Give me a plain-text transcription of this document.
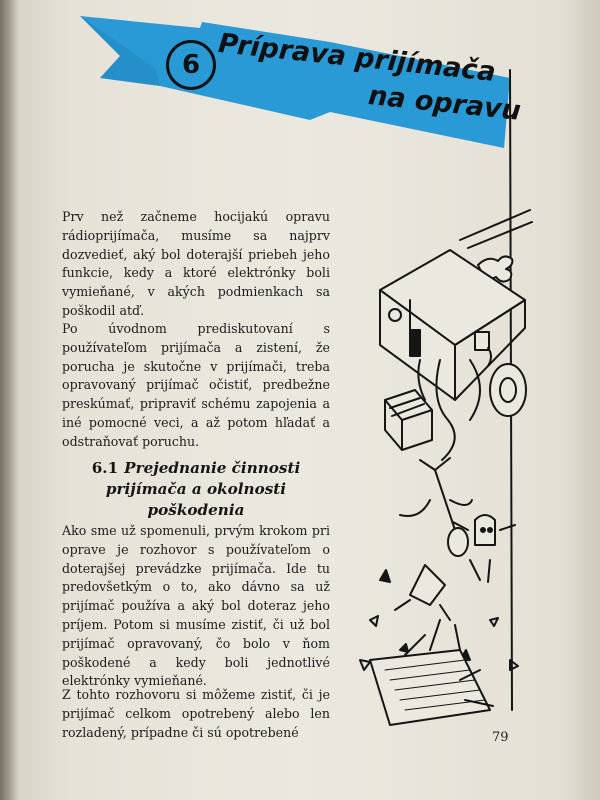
6 Príprava prijímača
na opravu

Prv než začneme hocijakú opravu rádioprijímača, musíme sa najprv dozvedieť, aký bol doterajší priebeh jeho funkcie, kedy a ktoré elektrónky boli vymieňané, v akých podmienkach sa poškodil atď.

Po úvodnom prediskutovaní s používateľom prijímača a zistení, že porucha je skutočne v prijímači, treba opravovaný prijímač očistiť, predbežne preskúmať, pripraviť schému zapojenia a iné pomocné veci, a až potom hľadať a odstraňovať poruchu.

6.1 Prejednanie činnosti prijímača a okolnosti poškodenia

Ako sme už spomenuli, prvým krokom pri oprave je rozhovor s používateľom o doterajšej prevádzke prijímača. Ide tu predovšetkým o to, ako dávno sa už prijímač používa a aký bol doteraz jeho príjem. Potom si musíme zistiť, či už bol prijímač opravovaný, čo bolo v ňom poškodené a kedy boli jednotlivé elektrónky vymieňané.

Z tohto rozhovoru si môžeme zistiť, či je prijímač celkom opotrebený alebo len rozladený, prípadne či sú opotrebené	79
